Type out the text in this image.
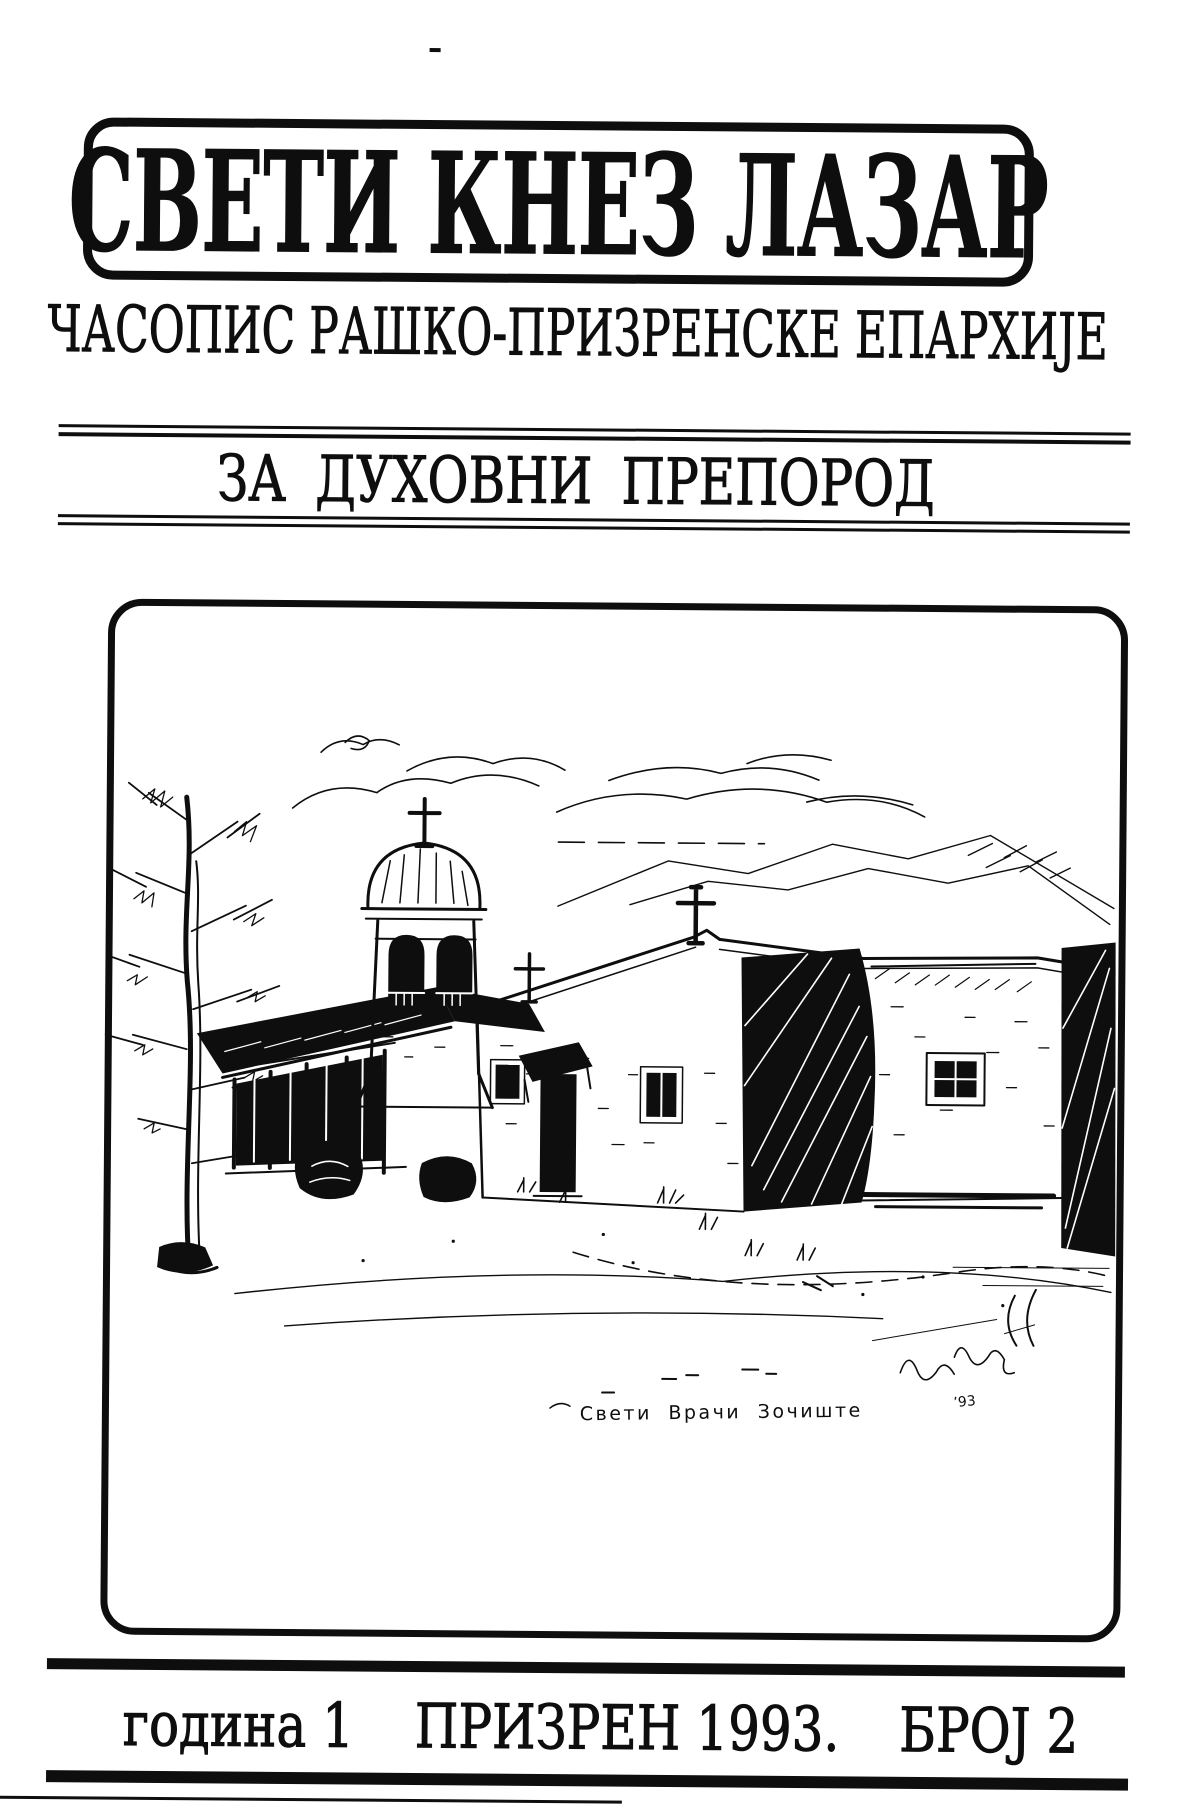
СВЕТИ КНЕЗ ЛАЗАР
ЧАСОПИС РАШКО-ПРИЗРЕНСКЕ ЕПАРХИЈЕ
ЗА ДУХОВНИ ПРЕПОРОД
Свети Врачи Зочиште	’93
година 1 ПРИЗРЕН 1993. БРОЈ 2
